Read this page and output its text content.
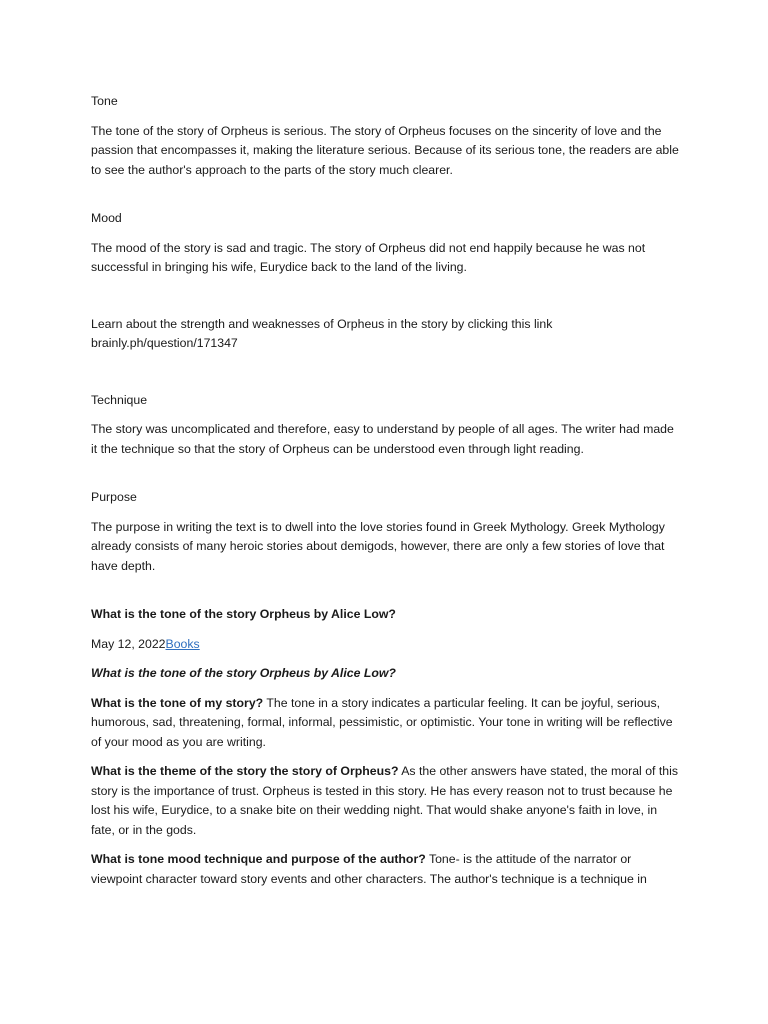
Tone

The tone of the story of Orpheus is serious. The story of Orpheus focuses on the sincerity of love and the passion that encompasses it, making the literature serious. Because of its serious tone, the readers are able to see the author's approach to the parts of the story much clearer.

Mood

The mood of the story is sad and tragic. The story of Orpheus did not end happily because he was not successful in bringing his wife, Eurydice back to the land of the living.

Learn about the strength and weaknesses of Orpheus in the story by clicking this link

brainly.ph/question/171347

Technique

The story was uncomplicated and therefore, easy to understand by people of all ages. The writer had made it the technique so that the story of Orpheus can be understood even through light reading.

Purpose

The purpose in writing the text is to dwell into the love stories found in Greek Mythology. Greek Mythology already consists of many heroic stories about demigods, however, there are only a few stories of love that have depth.

What is the tone of the story Orpheus by Alice Low?

May 12, 2022Books

What is the tone of the story Orpheus by Alice Low?

What is the tone of my story? The tone in a story indicates a particular feeling. It can be joyful, serious, humorous, sad, threatening, formal, informal, pessimistic, or optimistic. Your tone in writing will be reflective of your mood as you are writing.

What is the theme of the story the story of Orpheus? As the other answers have stated, the moral of this story is the importance of trust. Orpheus is tested in this story. He has every reason not to trust because he lost his wife, Eurydice, to a snake bite on their wedding night. That would shake anyone's faith in love, in fate, or in the gods.

What is tone mood technique and purpose of the author? Tone- is the attitude of the narrator or viewpoint character toward story events and other characters. The author's technique is a technique in
